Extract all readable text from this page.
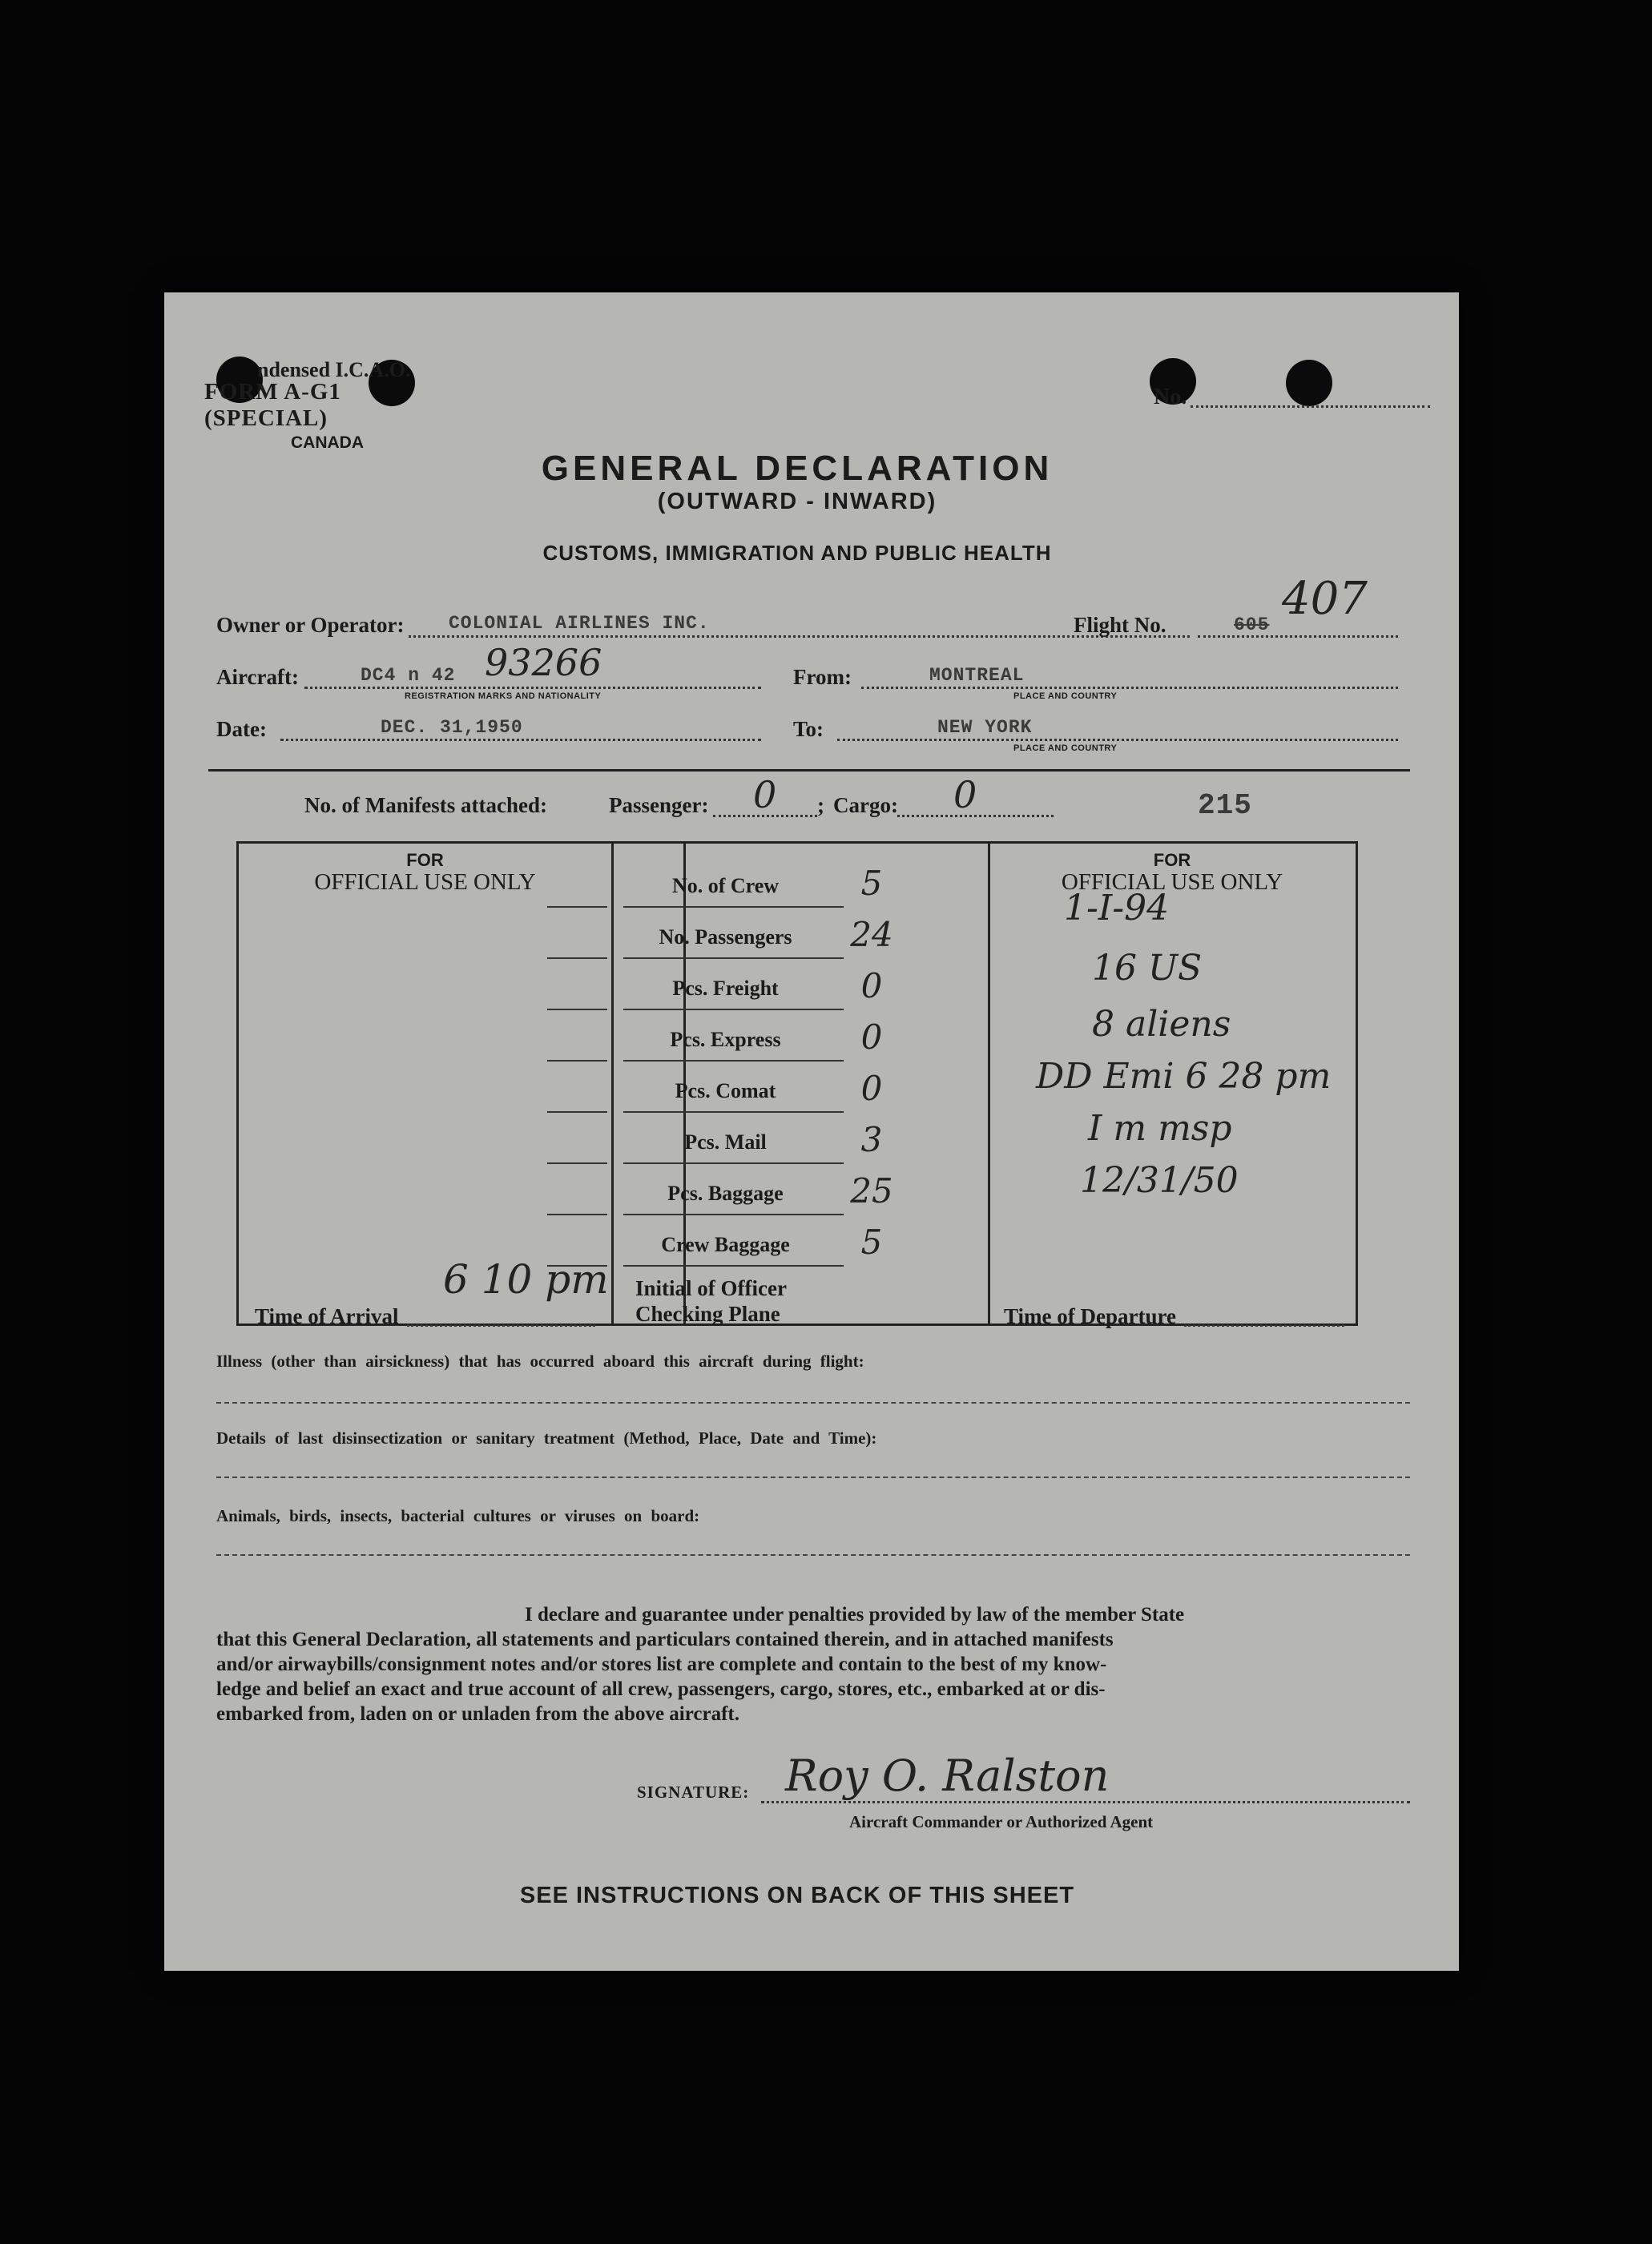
ndensed I.C.A.O.
FORM A-G1 (SPECIAL)
CANADA
No.
GENERAL DECLARATION
(OUTWARD - INWARD)
CUSTOMS, IMMIGRATION AND PUBLIC HEALTH
Owner or Operator: COLONIAL AIRLINES INC.	Flight No.	605 407
Aircraft:	DC4 n 42 93266
REGISTRATION MARKS AND NATIONALITY
From:	MONTREAL
PLACE AND COUNTRY
Date:	DEC. 31,1950	To:	NEW YORK
PLACE AND COUNTRY
No. of Manifests attached:	Passenger: 0 ; Cargo: 0	215
FOR
OFFICIAL USE ONLY
FOR
OFFICIAL USE ONLY
No. of Crew	5
No. Passengers	24
Pcs. Freight	0
Pcs. Express	0
Pcs. Comat	0
Pcs. Mail	3
Pcs. Baggage	25
Crew Baggage	5
Time of Arrival
6 10 pm Initial of Officer
Checking Plane	Time of Departure
1-I-94
16 US
8 aliens
DD Emi 6 28 pm
I m msp
12/31/50
Illness (other than airsickness) that has occurred aboard this aircraft during flight:
Details of last disinsectization or sanitary treatment (Method, Place, Date and Time):
Animals, birds, insects, bacterial cultures or viruses on board:
I declare and guarantee under penalties provided by law of the member State
that this General Declaration, all statements and particulars contained therein, and in attached manifests
and/or airwaybills/consignment notes and/or stores list are complete and contain to the best of my know-
ledge and belief an exact and true account of all crew, passengers, cargo, stores, etc., embarked at or dis-
embarked from, laden on or unladen from the above aircraft.
SIGNATURE: Roy O. Ralston
Aircraft Commander or Authorized Agent
SEE INSTRUCTIONS ON BACK OF THIS SHEET
